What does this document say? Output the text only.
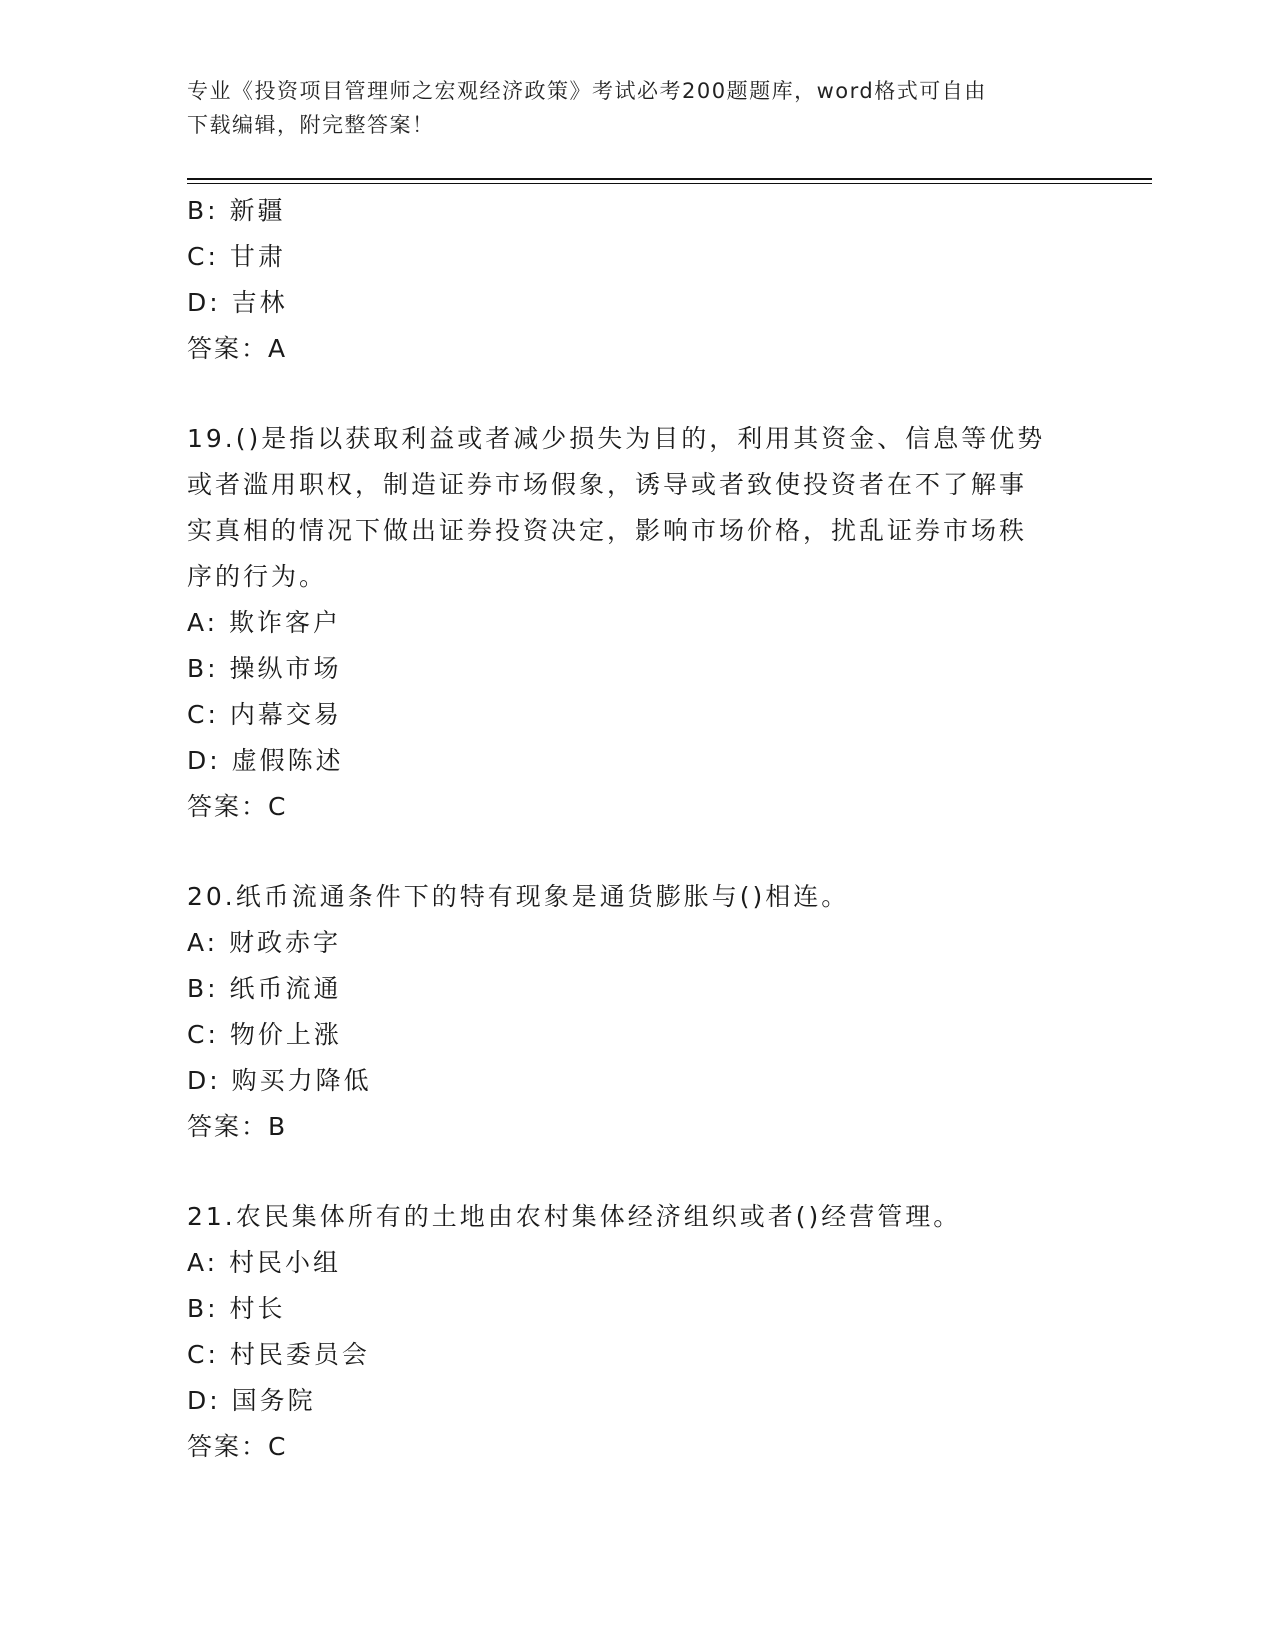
专业《投资项目管理师之宏观经济政策》考试必考200题题库，word格式可自由
下载编辑，附完整答案！
B: 新疆
C: 甘肃
D: 吉林
答案：A
19.()是指以获取利益或者减少损失为目的，利用其资金、信息等优势
或者滥用职权，制造证券市场假象，诱导或者致使投资者在不了解事
实真相的情况下做出证券投资决定，影响市场价格，扰乱证券市场秩
序的行为。
A: 欺诈客户
B: 操纵市场
C: 内幕交易
D: 虚假陈述
答案：C
20.纸币流通条件下的特有现象是通货膨胀与()相连。
A: 财政赤字
B: 纸币流通
C: 物价上涨
D: 购买力降低
答案：B
21.农民集体所有的土地由农村集体经济组织或者()经营管理。
A: 村民小组
B: 村长
C: 村民委员会
D: 国务院
答案：C
